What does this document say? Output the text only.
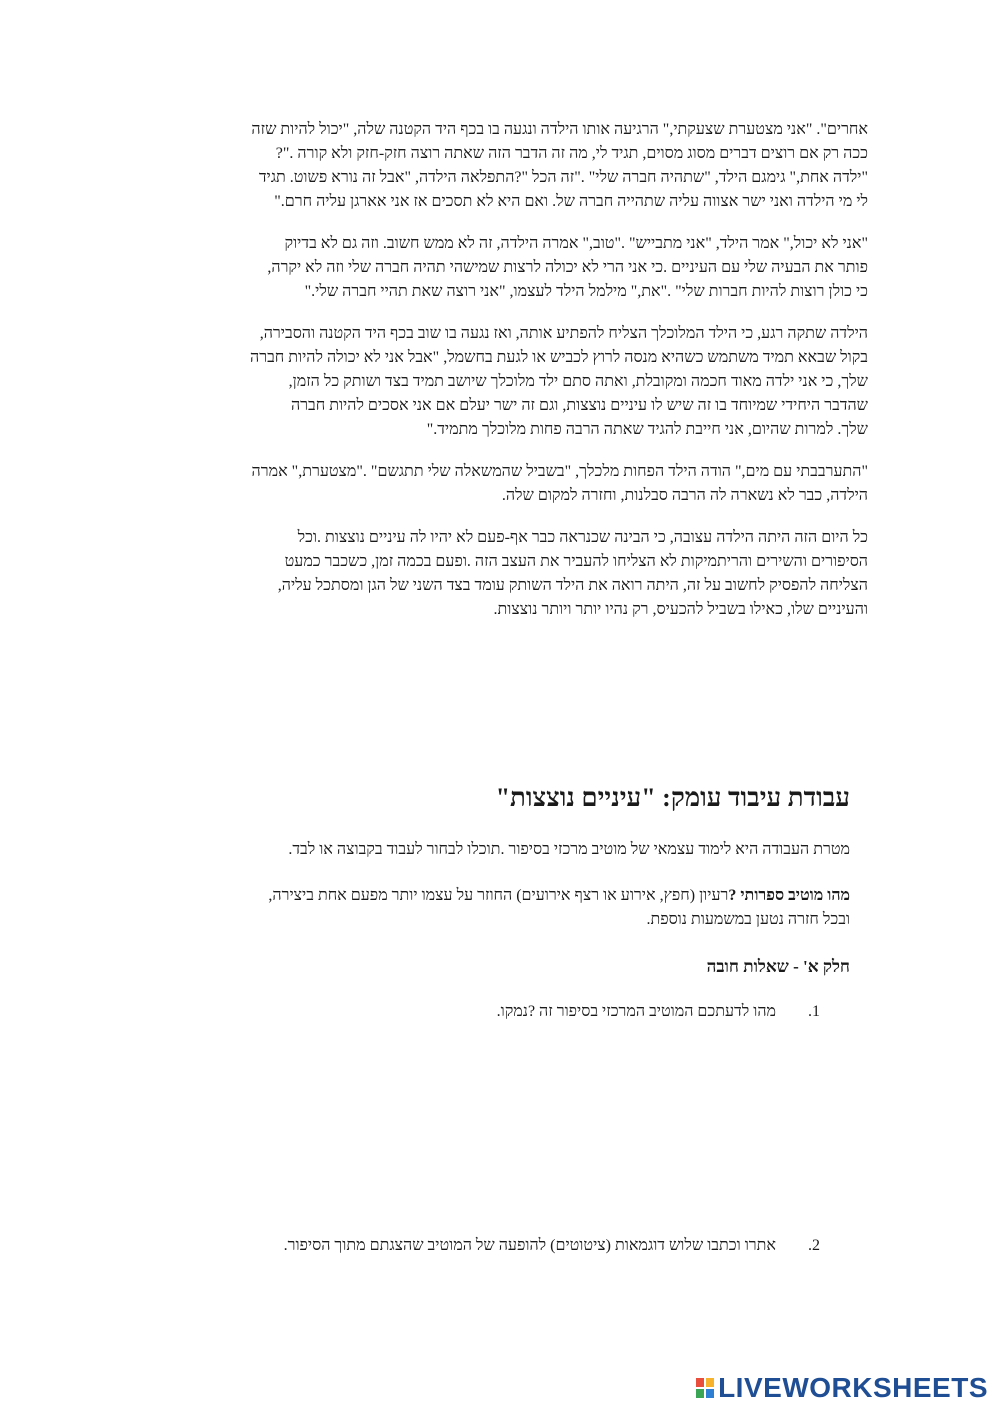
אחרים". "אני מצטערת שצעקתי," הרגיעה אותו הילדה ונגעה בו בכף היד הקטנה שלה, "יכול להיות שזה
ככה רק אם רוצים דברים מסוג מסוים, תגיד לי, מה זה הדבר הזה שאתה רוצה חזק-חזק ולא קורה ."?
"ילדה אחת," גימגם הילד, "שתהיה חברה שלי" ."זה הכל "?התפלאה הילדה, "אבל זה נורא פשוט. תגיד
לי מי הילדה ואני ישר אצווה עליה שתהייה חברה של. ואם היא לא תסכים אז אני אארגן עליה חרם."
"אני לא יכול," אמר הילד, "אני מתבייש" ."טוב," אמרה הילדה, זה לא ממש חשוב. וזה גם לא בדיוק
פותר את הבעיה שלי עם העיניים .כי אני הרי לא יכולה לרצות שמישהי תהיה חברה שלי וזה לא יקרה,
כי כולן רוצות להיות חברות שלי" ."את," מילמל הילד לעצמו, "אני רוצה שאת תהיי חברה שלי."
הילדה שתקה רגע, כי הילד המלוכלך הצליח להפתיע אותה, ואז נגעה בו שוב בכף היד הקטנה והסבירה,
בקול שבאא תמיד משתמש כשהיא מנסה לרוץ לכביש או לגעת בחשמל, "אבל אני לא יכולה להיות חברה
שלך, כי אני ילדה מאוד חכמה ומקובלת, ואתה סתם ילד מלוכלך שיושב תמיד בצד ושותק כל הזמן,
שהדבר היחידי שמיוחד בו זה שיש לו עיניים נוצצות, וגם זה ישר יעלם אם אני אסכים להיות חברה
שלך. למרות שהיום, אני חייבת להגיד שאתה הרבה פחות מלוכלך מתמיד."
"התערבבתי עם מים," הודה הילד הפחות מלכלך, "בשביל שהמשאלה שלי תתגשם" ."מצטערת," אמרה
הילדה, כבר לא נשארה לה הרבה סבלנות, וחזרה למקום שלה.
כל היום הזה היתה הילדה עצובה, כי הבינה שכנראה כבר אף-פעם לא יהיו לה עיניים נוצצות .וכל
הסיפורים והשירים והריתמיקות לא הצליחו להעביר את העצב הזה .ופעם בכמה זמן, כשכבר כמעט
הצליחה להפסיק לחשוב על זה, היתה רואה את הילד השותק עומד בצד השני של הגן ומסתכל עליה,
והעיניים שלו, כאילו בשביל להכעיס, רק נהיו יותר ויותר נוצצות.
עבודת עיבוד עומק: "עיניים נוצצות"

מטרת העבודה היא לימוד עצמאי של מוטיב מרכזי בסיפור .תוכלו לבחור לעבוד בקבוצה או לבד.

מהו מוטיב ספרותי ?רעיון (חפץ, אירוע או רצף אירועים) החוזר על עצמו יותר מפעם אחת ביצירה,
ובכל חזרה נטען במשמעות נוספת.

חלק א' - שאלות חובה

1.מהו לדעתכם המוטיב המרכזי בסיפור זה ?נמקו.

2.אתרו וכתבו שלוש דוגמאות (ציטוטים) להופעה של המוטיב שהצגתם מתוך הסיפור.

LIVEWORKSHEETS
